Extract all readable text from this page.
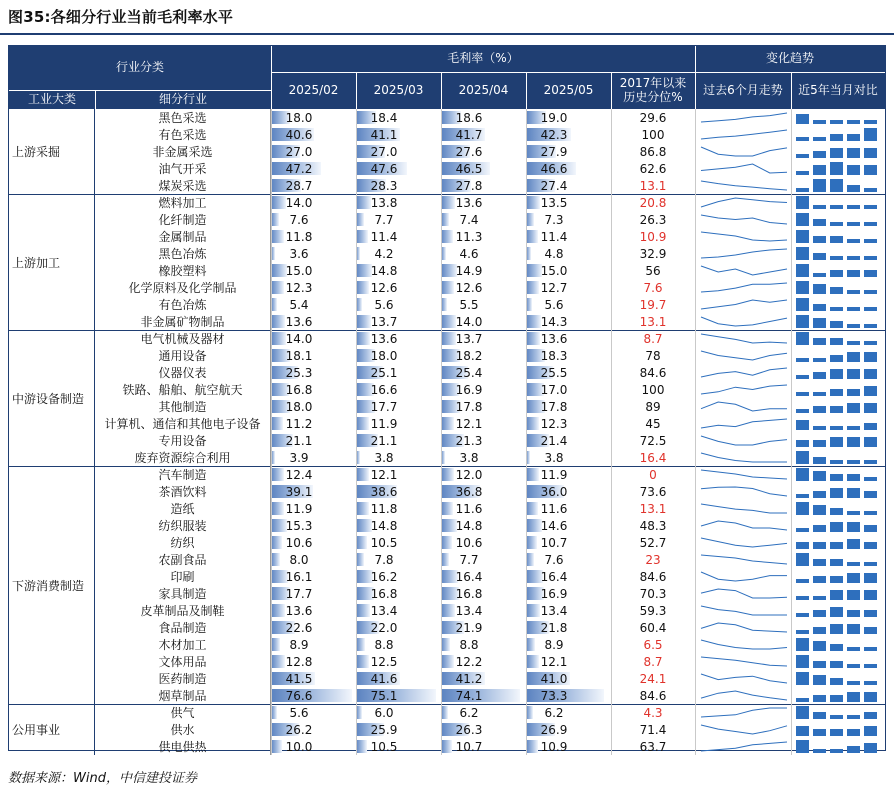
图35:各细分行业当前毛利率水平
行业分类
毛利率（%）	变化趋势
工业大类	细分行业
2025/02	2025/03	2025/04	2025/05	2017年以来
历史分位%	过去6个月走势	近5年当月对比
上游采掘
黑色采选	18.0	18.4	18.6	19.0	29.6
有色采选	40.6	41.1	41.7	42.3	100
非金属采选	27.0	27.0	27.6	27.9	86.8
油气开采	47.2	47.6	46.5	46.6	62.6
煤炭采选	28.7	28.3	27.8	27.4	13.1
上游加工
燃料加工	14.0	13.8	13.6	13.5	20.8
化纤制造	7.6	7.7	7.4	7.3	26.3
金属制品	11.8	11.4	11.3	11.4	10.9
黑色冶炼	3.6	4.2	4.6	4.8	32.9
橡胶塑料	15.0	14.8	14.9	15.0	56
化学原料及化学制品	12.3	12.6	12.6	12.7	7.6
有色冶炼	5.4	5.6	5.5	5.6	19.7
非金属矿物制品	13.6	13.7	14.0	14.3	13.1
中游设备制造
电气机械及器材	14.0	13.6	13.7	13.6	8.7
通用设备	18.1	18.0	18.2	18.3	78
仪器仪表	25.3	25.1	25.4	25.5	84.6
铁路、船舶、航空航天	16.8	16.6	16.9	17.0	100
其他制造	18.0	17.7	17.8	17.8	89
计算机、通信和其他电子设备	11.2	11.9	12.1	12.3	45
专用设备	21.1	21.1	21.3	21.4	72.5
废弃资源综合利用	3.9	3.8	3.8	3.8	16.4
下游消费制造
汽车制造	12.4	12.1	12.0	11.9	0
茶酒饮料	39.1	38.6	36.8	36.0	73.6
造纸	11.9	11.8	11.6	11.6	13.1
纺织服装	15.3	14.8	14.8	14.6	48.3
纺织	10.6	10.5	10.6	10.7	52.7
农副食品	8.0	7.8	7.7	7.6	23
印刷	16.1	16.2	16.4	16.4	84.6
家具制造	17.7	16.8	16.8	16.9	70.3
皮革制品及制鞋	13.6	13.4	13.4	13.4	59.3
食品制造	22.6	22.0	21.9	21.8	60.4
木材加工	8.9	8.8	8.8	8.9	6.5
文体用品	12.8	12.5	12.2	12.1	8.7
医药制造	41.5	41.6	41.2	41.0	24.1
烟草制品	76.6	75.1	74.1	73.3	84.6
公用事业
供气	5.6	6.0	6.2	6.2	4.3
供水	26.2	25.9	26.3	26.9	71.4
供电供热	10.0	10.5	10.7	10.9	63.7
数据来源：Wind，中信建投证券
